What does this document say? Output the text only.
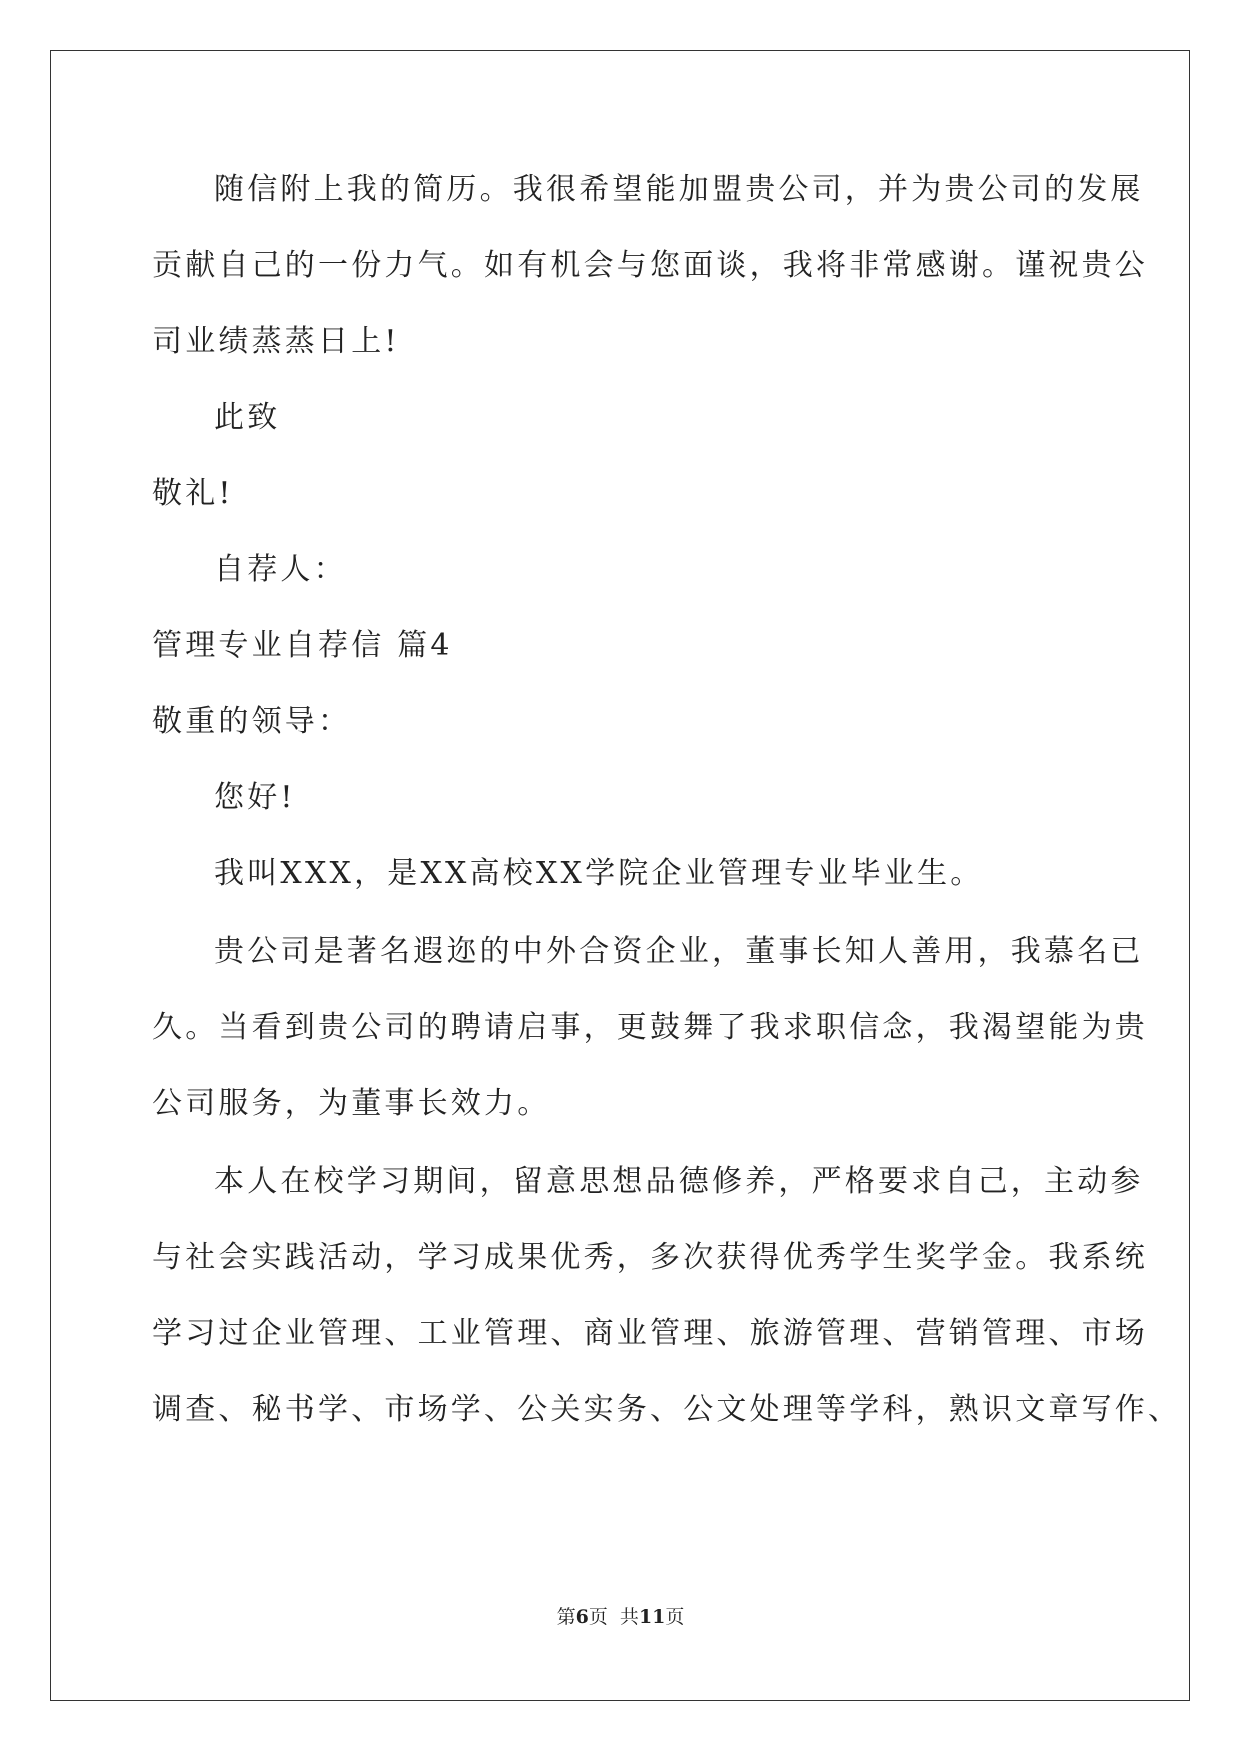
随信附上我的简历。我很希望能加盟贵公司，并为贵公司的发展
贡献自己的一份力气。如有机会与您面谈，我将非常感谢。谨祝贵公
司业绩蒸蒸日上!
此致
敬礼!
自荐人：
管理专业自荐信 篇4
敬重的领导：
您好!
我叫XXX，是XX高校XX学院企业管理专业毕业生。
贵公司是著名遐迩的中外合资企业，董事长知人善用，我慕名已
久。当看到贵公司的聘请启事，更鼓舞了我求职信念，我渴望能为贵
公司服务，为董事长效力。
本人在校学习期间，留意思想品德修养，严格要求自己，主动参
与社会实践活动，学习成果优秀，多次获得优秀学生奖学金。我系统
学习过企业管理、工业管理、商业管理、旅游管理、营销管理、市场
调查、秘书学、市场学、公关实务、公文处理等学科，熟识文章写作、
第6页  共11页
